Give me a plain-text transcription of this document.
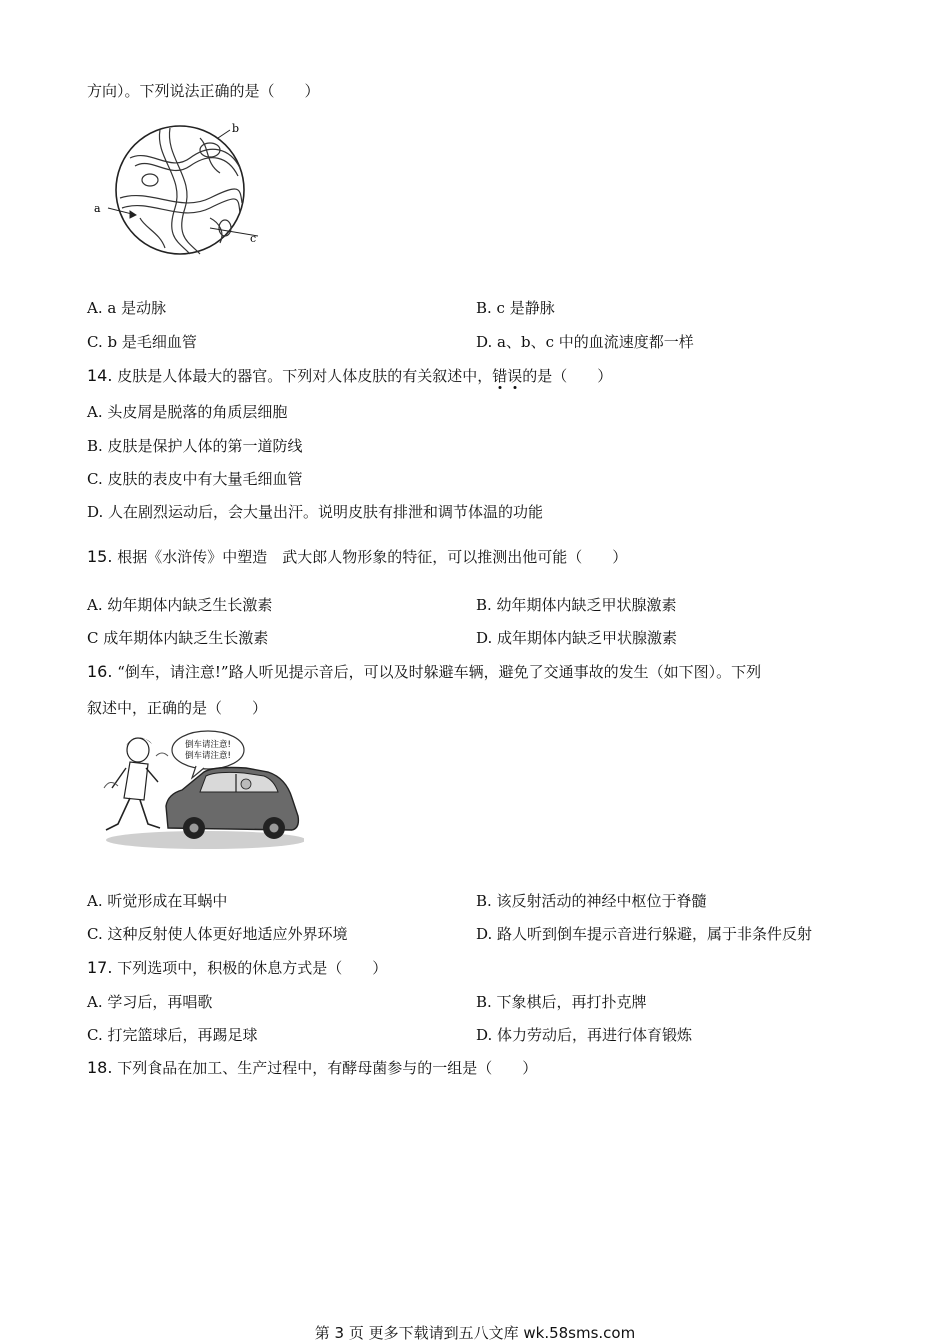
方向）。下列说法正确的是（　　）
a
b
c
A. a 是动脉	B. c 是静脉
C. b 是毛细血管	D. a、b、c 中的血流速度都一样
14. 皮肤是人体最大的器官。下列对人体皮肤的有关叙述中，错误的是（　　）
A. 头皮屑是脱落的角质层细胞
B. 皮肤是保护人体的第一道防线
C. 皮肤的表皮中有大量毛细血管
D. 人在剧烈运动后，会大量出汗。说明皮肤有排泄和调节体温的功能
15. 根据《水浒传》中塑造　武大郎人物形象的特征，可以推测出他可能（　　）
A. 幼年期体内缺乏生长激素	B. 幼年期体内缺乏甲状腺激素
C 成年期体内缺乏生长激素	D. 成年期体内缺乏甲状腺激素
16. “倒车，请注意!”路人听见提示音后，可以及时躲避车辆，避免了交通事故的发生（如下图）。下列
叙述中，正确的是（　　）
倒车请注意!
倒车请注意!
A. 听觉形成在耳蜗中	B. 该反射活动的神经中枢位于脊髓
C. 这种反射使人体更好地适应外界环境	D. 路人听到倒车提示音进行躲避，属于非条件反射
17. 下列选项中，积极的休息方式是（　　）
A. 学习后，再唱歌	B. 下象棋后，再打扑克牌
C. 打完篮球后，再踢足球	D. 体力劳动后，再进行体育锻炼
18. 下列食品在加工、生产过程中，有酵母菌参与的一组是（　　）
第 3 页 更多下载请到五八文库 wk.58sms.com
